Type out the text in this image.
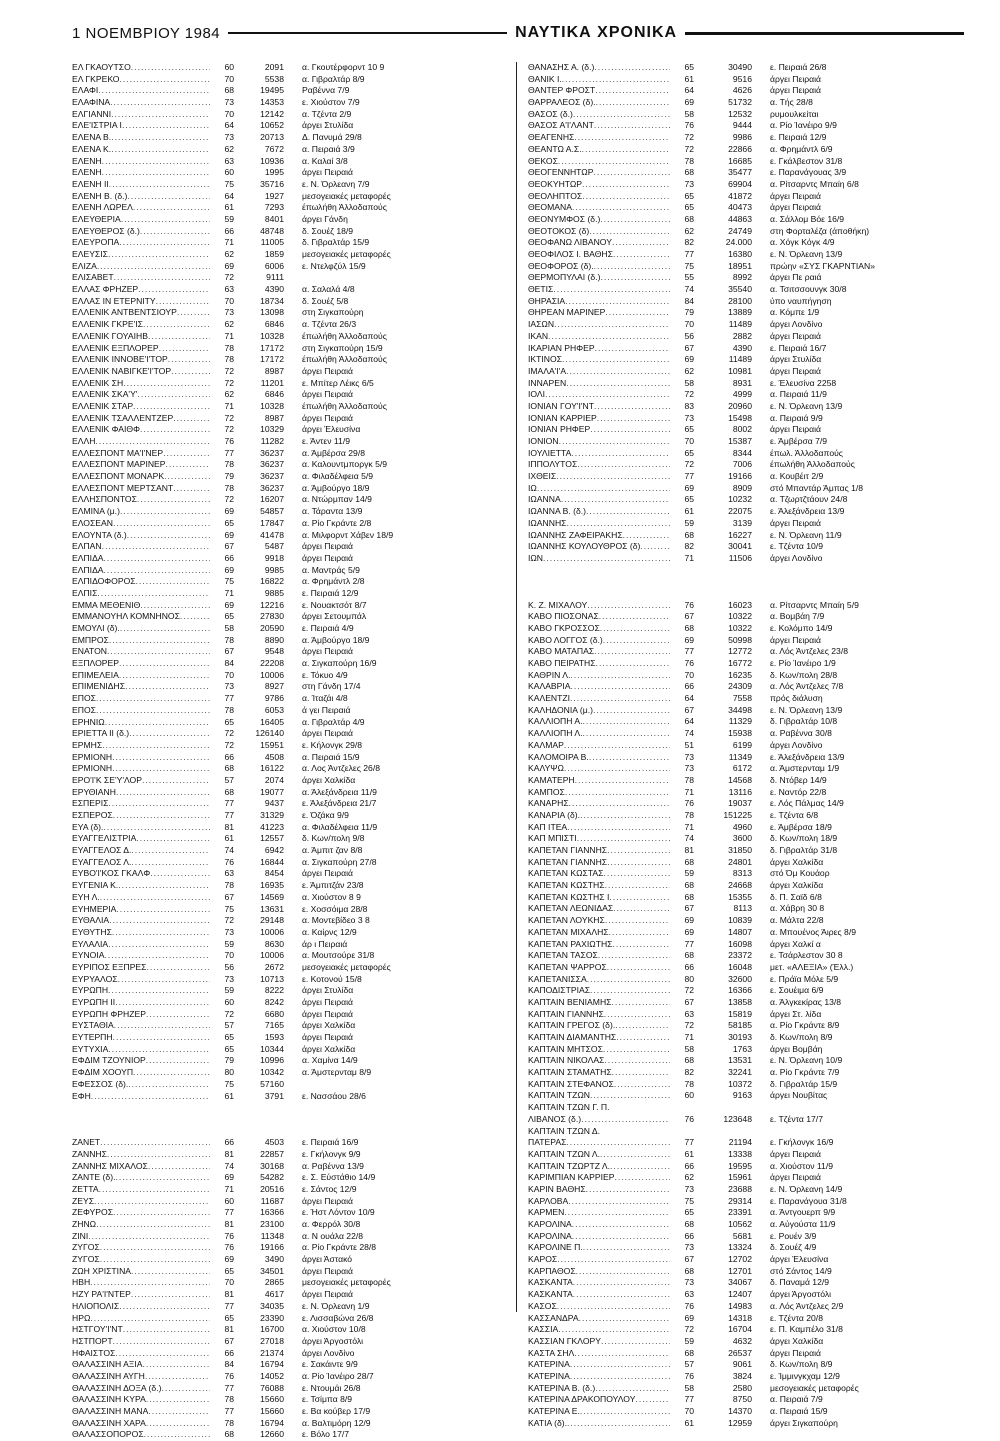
1 ΝΟΕΜΒΡΙΟΥ 1984	ΝΑΥΤΙΚΑ ΧΡΟΝΙΚΑ
ΕΛ ΓΚΑΟΥΤΣΟ .....	60	2091	α. Γκουτέρφορντ 10 9
ΕΛ ΓΚΡΕΚΟ .....	70	5538	α. Γιβραλτάρ 8/9
ΕΛΑΦΙ .....	68	19495	Ραβέννα 7/9
ΕΛΑΦΙΝΑ .....	73	14353	ε. Χιούστον 7/9
ΕΛΓΙΑΝΝΙ .....	70	12142	α. Τζέντα 2/9
ΕΛΕ'ΙΣΤΡΙΑ Ι .....	64	10652	άργει Στυλίδα
ΕΛΕΝΑ Β. .....	73	20713	Δ. Πανυμά 29/8
ΕΛΕΝΑ Κ. .....	62	7672	α. Πειραιά 3/9
ΕΛΕΝΗ .....	63	10936	α. Καλαί 3/8
ΕΛΕΝΗ .....	60	1995	άργει Πειραιά
ΕΛΕΝΗ ΙΙ .....	75	35716	ε. Ν. Όρλεανη 7/9
ΕΛΕΝΗ Β. (δ.) .....	64	1927	μεσογειακές μεταφορές
ΕΛΕΝΗ ΛΩΡΕΛ .....	61	7293	έπωλήθη Άλλοδαπούς
ΕΛΕΥΘΕΡΙΑ .....	59	8401	άργει Γάνδη
ΕΛΕΥΘΕΡΟΣ (δ.) .....	66	48748	δ. Σουέζ 18/9
ΕΛΕΥΡΟΠΑ .....	71	11005	δ. Γιβραλτάρ 15/9
ΕΛΕΥΣΙΣ .....	62	1859	μεσογειακές μεταφορές
ΕΛΙΖΑ .....	69	6006	ε. Ντελφζύλ 15/9
ΕΛΙΣΑΒΕΤ .....	72	9111
ΕΛΛΑΣ ΦΡΗΖΕΡ .....	63	4390	α. Σαλαλά 4/8
ΕΛΛΑΣ ΙΝ ΕΤΕΡΝΙΤΥ .....	70	18734	δ. Σουέζ 5/8
ΕΛΛΕΝΙΚ ΑΝΤΒΕΝΤΣΙΟΥΡ .....	73	13098	στη Σιγκαπούρη
ΕΛΛΕΝΙΚ ΓΚΡΕ'ΙΣ .....	62	6846	α. Τζέντα 26/3
ΕΛΛΕΝΙΚ ΓΟΥΑΙΗΒ .....	71	10328	έπωλήθη Άλλοδαπούς
ΕΛΛΕΝΙΚ ΕΞΠΛΟΡΕΡ .....	78	17172	στη Σιγκαπούρη 15/9
ΕΛΛΕΝΙΚ ΙΝΝΟΒΕ'Ι'ΤΟΡ .....	78	17172	έπωλήθη Άλλοδαπούς
ΕΛΛΕΝΙΚ ΝΑΒΙΓΚΕ'Ι'ΤΟΡ .....	72	8987	άργει Πειραιά
ΕΛΛΕΝΙΚ ΣΗ .....	72	11201	ε. Μπίτερ Λέικς 6/5
ΕΛΛΕΝΙΚ ΣΚΑ'Υ' .....	62	6846	άργει Πειραιά
ΕΛΛΕΝΙΚ ΣΤΑΡ .....	71	10328	έπωλήθη Άλλοδαπούς
ΕΛΛΕΝΙΚ ΤΣΑΛΛΕΝΤΖΕΡ .....	72	8987	άργει Πειραιά
ΕΛΛΕΝΙΚ ΦΑΙΘΦ .....	72	10329	άργει Έλευσίνα
ΕΛΛΗ .....	76	11282	ε. Άντεν 11/9
ΕΛΛΕΣΠΟΝΤ ΜΑ'Ι'ΝΕΡ .....	77	36237	α. Άμβέρσα 29/8
ΕΛΛΕΣΠΟΝΤ ΜΑΡΙΝΕΡ .....	78	36237	α. Καλουντμποργκ 5/9
ΕΛΛΕΣΠΟΝΤ ΜΟΝΑΡΚ .....	79	36237	α. Φιλαδέλφεια 5/9
ΕΛΛΕΣΠΟΝΤ ΜΕΡΤΣΑΝΤ .....	78	36237	α. Άμβούργο 18/9
ΕΛΛΗΣΠΟΝΤΟΣ .....	72	16207	α. Ντώρμπαν 14/9
ΕΛΜΙΝΑ (μ.) .....	69	54857	α. Τάραντα 13/9
ΕΛΟΣΕΑΝ .....	65	17847	α. Ρίο Γκράντε 2/8
ΕΛΟΥΝΤΑ (δ.) .....	69	41478	α. Μιλφορντ Χάβεν 18/9
ΕΛΠΑΝ .....	67	5487	άργει Πειραιά
ΕΛΠΙΔΑ .....	66	9918	άργει Πειραιά
ΕΛΠΙΔΑ .....	69	9985	α. Μαντράς 5/9
ΕΛΠΙΔΟΦΟΡΟΣ .....	75	16822	α. Φρημάντλ 2/8
ΕΛΠΙΣ .....	71	9885	ε. Πειραιά 12/9
ΕΜΜΑ ΜΕΘΕΝΙΘ .....	69	12216	ε. Νουακτσότ 8/7
ΕΜΜΑΝΟΥΗΛ ΚΟΜΝΗΝΟΣ .....	65	27830	άργει Σετουμπάλ
ΕΜΟΥΛΙ (δ). .....	58	20590	ε. Πειραιά 4/9
ΕΜΠΡΟΣ .....	78	8890	α. Άμβούργο 18/9
ΕΝΑΤΟΝ .....	67	9548	άργει Πειραιά
ΕΞΠΛΟΡΕΡ .....	84	22208	α. Σιγκαπούρη 16/9
ΕΠΙΜΕΛΕΙΑ .....	70	10006	ε. Τόκυο 4/9
ΕΠΙΜΕΝΙΔΗΣ .....	73	8927	στη Γάνδη 17/4
ΕΠΟΣ .....	77	9786	α. Ίταζάι 4/8
ΕΠΟΣ .....	78	6053	ά γει Πειραιά
ΕΡΗΝΙΩ .....	65	16405	α. Γιβραλτάρ 4/9
ΕΡΙΕΤΤΑ ΙΙ (δ.) .....	72	126140	άργει Πειραιά
ΕΡΜΗΣ .....	72	15951	ε. Κήλονγκ 29/8
ΕΡΜΙΟΝΗ .....	66	4508	α. Πειραιά 15/9
ΕΡΜΙΟΝΗ .....	68	16122	α. Λος Άντζελες 26/8
ΕΡΟ'Ι'Κ ΣΕ'Υ'ΛΟΡ .....	57	2074	άργει Χαλκίδα
ΕΡΥΘΙΑΝΗ .....	68	19077	α. Άλεξάνδρεια 11/9
ΕΣΠΕΡΙΣ .....	77	9437	ε. Άλεξάνδρεια 21/7
ΕΣΠΕΡΟΣ .....	77	31329	ε. Όζάκα 9/9
ΕΥΑ (δ). .....	81	41223	α. Φιλαδέλφεια 11/9
ΕΥΑΓΓΕΛΙΣΤΡΙΑ .....	61	12557	δ. Κων/πολη 9/8
ΕΥΑΓΓΕΛΟΣ Δ. .....	74	6942	α. Άμπιτ ζαν 8/8
ΕΥΑΓΓΕΛΟΣ Λ. .....	76	16844	α. Σιγκαπούρη 27/8
ΕΥΒΟ'Ι'ΚΟΣ ΓΚΑΛΦ .....	63	8454	άργει Πειραιά
ΕΥΓΕΝΙΑ Κ. .....	78	16935	ε. Άμπιτζάν 23/8
ΕΥΗ Λ. .....	67	14569	α. Χιούστον 8 9
ΕΥΗΜΕΡΙΑ .....	75	13631	ε. Χοσσόιμα 28/8
ΕΥΘΑΛΙΑ .....	72	29148	α. Μοντεβίδεο 3 8
ΕΥΘΥΤΗΣ .....	73	10006	α. Καίρνς 12/9
ΕΥΛΑΛΙΑ .....	59	8630	άρ ι Πειραιά
ΕΥΝΟΙΑ .....	70	10006	α. Μουτσούρε 31/8
ΕΥΡΙΠΟΣ ΕΞΠΡΕΣ .....	56	2672	μεσογειακές μεταφορές
ΕΥΡΥΑΛΟΣ .....	73	10713	ε. Κοτονού 15/8
ΕΥΡΩΠΗ .....	59	8222	άργει Στυλίδα
ΕΥΡΩΠΗ ΙΙ .....	60	8242	άργει Πειραιά
ΕΥΡΩΠΗ ΦΡΗΖΕΡ .....	72	6680	άργει Πειραιά
ΕΥΣΤΑΘΙΑ .....	57	7165	άργει Χαλκίδα
ΕΥΤΕΡΠΗ .....	65	1593	άργει Πειραιά
ΕΥΤΥΧΙΑ .....	65	10344	άργει Χαλκίδα
ΕΦΔΙΜ ΤΖΟΥΝΙΟΡ .....	79	10996	α. Χαμίνα 14/9
ΕΦΔΙΜ ΧΟΟΥΠ .....	80	10342	α. Άμστερνταμ 8/9
ΕΦΕΣΣΟΣ (δ). .....	75	57160
ΕΦΗ .....	61	3791	ε. Νασσάου 28/6
ΖΑΝΕΤ .....	66	4503	ε. Πειραιά 16/9
ΖΑΝΝΗΣ .....	81	22857	ε. Γκήλονγκ 9/9
ΖΑΝΝΗΣ ΜΙΧΑΛΟΣ .....	74	30168	α. Ραβέννα 13/9
ΖΑΝΤΕ (δ). .....	69	54282	ε. Σ. Εύστάθιο 14/9
ΖΕΤΤΑ .....	71	20516	ε. Σάντος 12/9
ΖΕΥΣ .....	60	11687	άργει Πειραιά
ΖΕΦΥΡΟΣ .....	77	16366	ε. Ήστ Λόντον 10/9
ΖΗΝΩ .....	81	23100	α. Φερρόλ 30/8
ΖΙΝΙ .....	76	11348	α. Ν ουάλα 22/8
ΖΥΓΟΣ .....	76	19166	α. Ρίο Γκράντε 28/8
ΖΥΓΟΣ .....	69	3490	άργει Άστακό
ΖΩΗ ΧΡΙΣΤΙΝΑ .....	65	34501	άργει Πειραιά
ΗΒΗ .....	70	2865	μεσογειακές μεταφορές
ΗΖΥ ΡΑ'Ι'ΝΤΕΡ .....	81	4617	άργει Πειραιά
ΗΛΙΟΠΟΛΙΣ .....	77	34035	ε. Ν. Όρλεανη 1/9
ΗΡΩ .....	65	23390	ε. Λισσαβώνα 26/8
ΗΣΤΓΟΥ'Ι'ΝΤ .....	81	16700	α. Χιούστον 10/8
ΗΣΤΠΟΡΤ .....	67	27018	άργει Άργοστόλι
ΗΦΑΙΣΤΟΣ .....	66	21374	άργει Λονδίνο
ΘΑΛΑΣΣΙΝΗ ΑΞΙΑ .....	84	16794	ε. Σακάιντε 9/9
ΘΑΛΑΣΣΙΝΗ ΑΥΓΗ .....	76	14052	α. Ρίο Ίανέιρο 28/7
ΘΑΛΑΣΣΙΝΗ ΔΟΞΑ (δ.) .....	77	76088	ε. Ντουμάι 26/8
ΘΑΛΑΣΣΙΝΗ ΚΥΡΑ .....	78	15660	ε. Τσίμπα 8/9
ΘΑΛΑΣΣΙΝΗ ΜΑΝΑ .....	77	15660	ε. Βα κούβερ 17/9
ΘΑΛΑΣΣΙΝΗ ΧΑΡΑ .....	78	16794	α. Βαλτιμόρη 12/9
ΘΑΛΑΣΣΟΠΟΡΟΣ .....	68	12660	ε. Βόλο 17/7
ΘΑΝΑΣΗΣ Α. (δ.) .....	65	30490	ε. Πειραιά 26/8
ΘΑΝΙΚ Ι. .....	61	9516	άργει Πειραιά
ΘΑΝΤΕΡ ΦΡΟΣΤ .....	64	4626	άργει Πειραιά
ΘΑΡΡΑΛΕΟΣ (δ). .....	69	51732	α. Τής 28/8
ΘΑΣΟΣ (δ.) .....	58	12532	ρυμουλκείται
ΘΑΣΟΣ Α'Ι'ΛΑΝΤ .....	76	9444	α. Ρίο Ίανέιρο 9/9
ΘΕΑΓΕΝΗΣ .....	72	9986	ε. Πειραιά 12/9
ΘΕΑΝΤΩ Α.Σ. .....	72	22866	α. Φρημάντλ 6/9
ΘΕΚΟΣ .....	78	16685	ε. Γκάλβεστον 31/8
ΘΕΟΓΕΝΝΗΤΩΡ .....	68	35477	ε. Παρανάγουας 3/9
ΘΕΟΚΥΗΤΩΡ .....	73	69904	α. Ρίτσαρντς Μπαίη 6/8
ΘΕΟΛΗΠΤΟΣ .....	65	41872	άργει Πειραιά
ΘΕΟΜΑΝΑ .....	65	40473	άργει Πειραιά
ΘΕΟΝΥΜΦΟΣ (δ.) .....	68	44863	α. Σάλλομ Βόε 16/9
ΘΕΟΤΟΚΟΣ (δ) .....	62	24749	στη Φορταλέζα (άποθήκη)
ΘΕΟΦΑΝΩ ΛΙΒΑΝΟΥ .....	82	24.000	α. Χόγκ Κόγκ 4/9
ΘΕΟΦΙΛΟΣ Ι. ΒΑΘΗΣ .....	77	16380	ε. Ν. Όρλεανη 13/9
ΘΕΟΦΟΡΟΣ (δ). .....	75	18951	πρώην «ΣΥΣ ΓΚΑΡΝΤΙΑΝ»
ΘΕΡΜΟΠΥΛΑΙ (δ.) .....	55	8992	άργει Πε ραιά
ΘΕΤΙΣ .....	74	35540	α. Τσιτσσουνγκ 30/8
ΘΗΡΑΣΙΑ .....	84	28100	ύπο ναυπήγηση
ΘΗΡΕΑΝ ΜΑΡΙΝΕΡ .....	79	13889	α. Κόμπε 1/9
ΙΑΣΩΝ .....	70	11489	άργει Λονδίνο
ΙΚΑΝ .....	56	2882	άργει Πειραιά
ΙΚΑΡΙΑΝ ΡΗΦΕΡ .....	67	4390	ε. Πειραιά 16/7
ΙΚΤΙΝΟΣ .....	69	11489	άργει Στυλίδα
ΙΜΑΛΑ'Ι'Α .....	62	10981	άργει Πειραιά
ΙΝΝΑΡΕΝ .....	58	8931	ε. Έλευσίνα 2258
ΙΟΛΙ .....	72	4999	α. Πειραιά 11/9
ΙΟΝΙΑΝ ΓΟΥ'Ι'ΝΤ .....	83	20960	ε. Ν. Όρλεανη 13/9
ΙΟΝΙΑΝ ΚΑΡΡΙΕΡ .....	73	15498	α. Πειραιά 9/9
ΙΟΝΙΑΝ ΡΗΦΕΡ .....	65	8002	άργει Πειραιά
ΙΟΝΙΟΝ .....	70	15387	ε. Άμβέρσα 7/9
ΙΟΥΛΙΕΤΤΑ .....	65	8344	έπωλ. Άλλοδαπούς
ΙΠΠΟΛΥΤΟΣ .....	72	7006	έπωλήθη Άλλοδαπούς
ΙΧΘΕΙΣ .....	77	19166	α. Κουβέιτ 2/9
ΙΩ .....	69	8909	στό Μπαντάρ Άμπας 1/8
ΙΩΑΝΝΑ .....	65	10232	α. Τζωρτζτάουν 24/8
ΙΩΑΝΝΑ Β. (δ.) .....	61	22075	ε. Άλεξάνδρεια 13/9
ΙΩΑΝΝΗΣ .....	59	3139	άργει Πειραιά
ΙΩΑΝΝΗΣ ΖΑΦΕΙΡΑΚΗΣ .....	68	16227	ε. Ν. Όρλεανη 11/9
ΙΩΑΝΝΗΣ ΚΟΥΛΟΥΘΡΟΣ (δ) .....	82	30041	ε. Τζέντα 10/9
ΙΩΝ .....	71	11506	άργει Λονδίνο
Κ. Ζ. ΜΙΧΑΛΟΥ .....	76	16023	α. Ρίτσαρντς Μπαίη 5/9
ΚΑΒΟ ΠΙΟΣΟΝΑΣ .....	67	10322	α. Βομβάη 7/9
ΚΑΒΟ ΓΚΡΟΣΣΟΣ .....	68	10322	ε. Κολόμπο 14/9
ΚΑΒΟ ΛΟΓΓΟΣ (δ.) .....	69	50998	άργει Πειραιά
ΚΑΒΟ ΜΑΤΑΠΑΣ .....	77	12772	α. Λός Άντζελες 23/8
ΚΑΒΟ ΠΕΙΡΑΤΗΣ .....	76	16772	ε. Ρίο Ίανέιρο 1/9
ΚΑΘΡΙΝ Λ. .....	70	16235	δ. Κων/πολη 28/8
ΚΑΛΑΒΡΙΑ .....	66	24309	α. Λός Άντζελες 7/8
ΚΑΛΕΝΤΖΙ .....	64	7558	πρός διάλυση
ΚΑΛΗΔΟΝΙΑ (μ.) .....	67	34498	ε. Ν. Όρλεανη 13/9
ΚΑΛΛΙΟΠΗ Α. .....	64	11329	δ. Γιβραλτάρ 10/8
ΚΑΛΛΙΟΠΗ Λ. .....	74	15938	α. Ραβέννα 30/8
ΚΑΛΜΑΡ .....	51	6199	άργει Λονδίνο
ΚΑΛΟΜΟΙΡΑ Β. .....	73	11349	ε. Άλεξάνδρεια 13/9
ΚΑΛΥΨΩ .....	73	6172	α. Άμστερνταμ 1/9
ΚΑΜΑΤΕΡΗ .....	78	14568	δ. Ντόβερ 14/9
ΚΑΜΠΟΣ .....	71	13116	ε. Ναντόρ 22/8
ΚΑΝΑΡΗΣ .....	76	19037	ε. Λός Πάλμας 14/9
ΚΑΝΑΡΙΑ (δ). .....	78	151225	ε. Τζέντα 6/8
ΚΑΠ ΙΤΕΑ .....	71	4960	ε. Άμβέρσα 18/9
ΚΑΠ ΜΠΙΣΤΙ .....	74	3600	δ. Κων/πολη 18/9
ΚΑΠΕΤΑΝ ΓΙΑΝΝΗΣ .....	81	31850	δ. Γιβραλτάρ 31/8
ΚΑΠΕΤΑΝ ΓΙΑΝΝΗΣ .....	68	24801	άργει Χαλκίδα
ΚΑΠΕΤΑΝ ΚΩΣΤΑΣ .....	59	8313	στό Όμ Κουάορ
ΚΑΠΕΤΑΝ ΚΩΣΤΗΣ .....	68	24668	άργει Χαλκίδα
ΚΑΠΕΤΑΝ ΚΩΣΤΗΣ Ι .....	68	15355	δ. Π. Σαϊδ 6/8
ΚΑΠΕΤΑΝ ΛΕΩΝΙΔΑΣ .....	67	8113	α. Χάβρη 30 8
ΚΑΠΕΤΑΝ ΛΟΥΚΗΣ .....	69	10839	α. Μάλτα 22/8
ΚΑΠΕΤΑΝ ΜΙΧΑΛΗΣ .....	69	14807	α. Μπουένος Άιρες 8/9
ΚΑΠΕΤΑΝ ΡΑΧΙΩΤΗΣ .....	77	16098	άργει Χαλκί α
ΚΑΠΕΤΑΝ ΤΑΣΟΣ .....	68	23372	ε. Τσάρλεστον 30 8
ΚΑΠΕΤΑΝ ΨΑΡΡΟΣ .....	66	16048	μετ. «ΑΛΕΞΙΑ» (Έλλ.)
ΚΑΠΕΤΑΝΙΣΣΑ .....	80	32600	ε. Πράϊα Μόλε 5/9
ΚΑΠΟΔΙΣΤΡΙΑΣ .....	72	16366	ε. Σουέιμα 6/9
ΚΑΠΤΑΙΝ ΒΕΝΙΑΜΗΣ .....	67	13858	α. Άλγκεκίρας 13/8
ΚΑΠΤΑΙΝ ΓΙΑΝΝΗΣ .....	63	15819	άργει Στ. λίδα
ΚΑΠΤΑΙΝ ΓΡΕΓΟΣ (δ). .....	72	58185	α. Ρίο Γκράντε 8/9
ΚΑΠΤΑΙΝ ΔΙΑΜΑΝΤΗΣ .....	71	30193	δ. Κων/πολη 8/9
ΚΑΠΤΑΙΝ ΜΗΤΣΟΣ .....	58	1763	άργει Βομβάη
ΚΑΠΤΑΙΝ ΝΙΚΟΛΑΣ .....	68	13531	ε. Ν. Όρλεανη 10/9
ΚΑΠΤΑΙΝ ΣΤΑΜΑΤΗΣ .....	82	32241	α. Ρίο Γκράντε 7/9
ΚΑΠΤΑΙΝ ΣΤΕΦΑΝΟΣ .....	78	10372	δ. Γιβραλτάρ 15/9
ΚΑΠΤΑΙΝ ΤΖΩΝ .....	60	9163	άργει Νουβίτας
ΚΑΠΤΑΙΝ ΤΖΩΝ Γ. Π.
ΛΙΒΑΝΟΣ (δ.) .....	76	123648	ε. Τζέντα 17/7
ΚΑΠΤΑΙΝ ΤΖΩΝ Δ.
ΠΑΤΕΡΑΣ .....	77	21194	ε. Γκήλονγκ 16/9
ΚΑΠΤΑΙΝ ΤΖΩΝ Λ. .....	61	13338	άργει Πειραιά
ΚΑΠΤΑΙΝ ΤΖΩΡΤΖ Λ. .....	66	19595	α. Χιούστον 11/9
ΚΑΡΙΜΠΙΑΝ ΚΑΡΡΙΕΡ .....	62	15961	άργει Πειραιά
ΚΑΡΙΝ ΒΑΘΗΣ .....	73	23688	ε. Ν. Όρλεανη 14/9
ΚΑΡΛΟΒΑ .....	75	29314	ε. Παρανάγουα 31/8
ΚΑΡΜΕΝ .....	65	23391	α. Άντγουερπ 9/9
ΚΑΡΟΛΙΝΑ .....	68	10562	α. Αύγούστα 11/9
ΚΑΡΟΛΙΝΑ .....	66	5681	ε. Ρουέν 3/9
ΚΑΡΟΛΙΝΕ Π. .....	73	13324	δ. Σουέζ 4/9
ΚΑΡΟΣ .....	67	12702	άργει Έλευσίνα
ΚΑΡΠΑΘΟΣ .....	68	12701	στό Σάντος 14/9
ΚΑΣΚΑΝΤΑ .....	73	34067	δ. Παναμά 12/9
ΚΑΣΚΑΝΤΑ .....	63	12407	άργει Άργοστόλι
ΚΑΣΟΣ .....	76	14983	α. Λός Άντζελες 2/9
ΚΑΣΣΑΝΔΡΑ .....	69	14318	ε. Τζέντα 20/8
ΚΑΣΣΙΑ .....	72	16704	ε. Π. Καμπέλο 31/8
ΚΑΣΣΙΑΝ ΓΚΛΟΡΥ .....	59	4632	άργει Χαλκίδα
ΚΑΣΤΑ ΣΗΛ .....	68	26537	άργει Πειραιά
ΚΑΤΕΡΙΝΑ .....	57	9061	δ. Κων/πολη 8/9
ΚΑΤΕΡΙΝΑ .....	76	3824	ε. Ίμμινγκχαμ 12/9
ΚΑΤΕΡΙΝΑ Β. (δ.) .....	58	2580	μεσογειακές μεταφορές
ΚΑΤΕΡΙΝΑ ΔΡΑΚΟΠΟΥΛΟΥ .....	77	8750	α. Πειραιά 7/9
ΚΑΤΕΡΙΝΑ Ε. .....	70	14370	α. Πειραιά 15/9
ΚΑΤΙΑ (δ). .....	61	12959	άργει Σιγκαπούρη
